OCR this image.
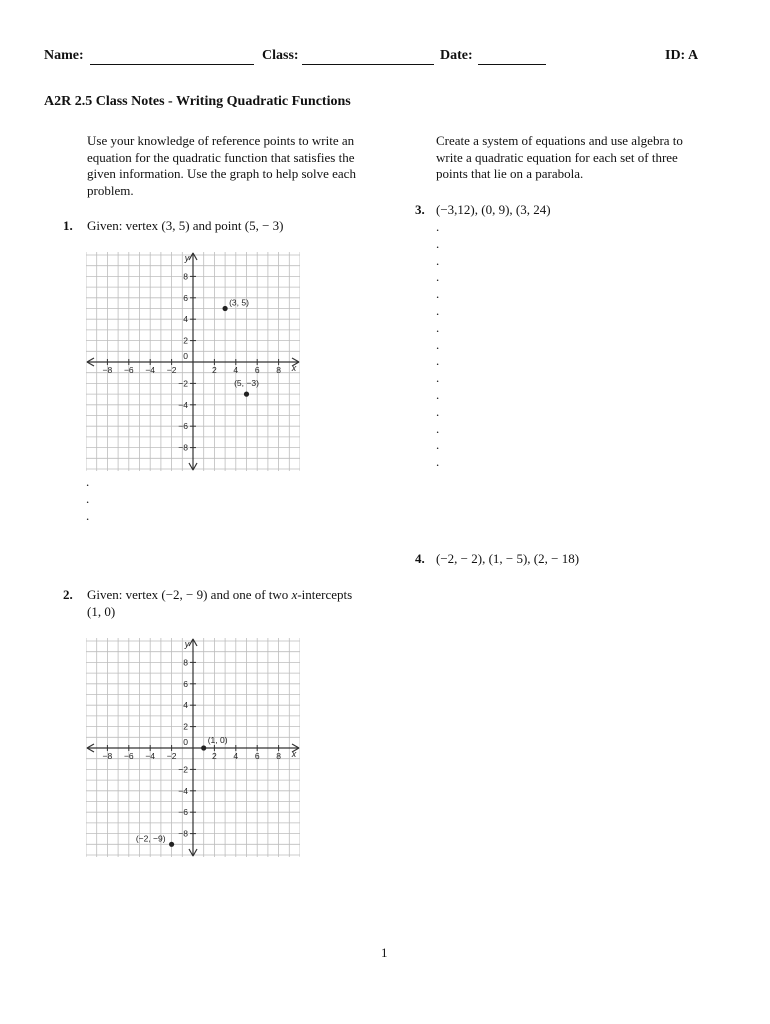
Name:	Class:	Date:	ID: A
A2R 2.5 Class Notes - Writing Quadratic Functions
Use your knowledge of reference points to write an
equation for the quadratic function that satisfies the
given information. Use the graph to help solve each
problem.
Create a system of equations and use algebra to
write a quadratic equation for each set of three
points that lie on a parabola.
1. Given: vertex (3, 5) and point (5, − 3)
−8 −6 −4 −2	2 4 6 8
8
6
4
2
−2
−4
−6
−8
0
x
y
(3, 5)
(5, −3)
.
.
.
2. Given: vertex (−2, − 9) and one of two x-intercepts
(1, 0)
−8 −6 −4 −2	2 4 6 8
8
6
4
2
−2
−4
−6
−8
0
x
y
(1, 0)
(−2, −9)
3. (−3,12), (0, 9), (3, 24)
.
.
.
.
.
.
.
.
.
.
.
.
.
.
.
4. (−2, − 2), (1, − 5), (2, − 18)
1
